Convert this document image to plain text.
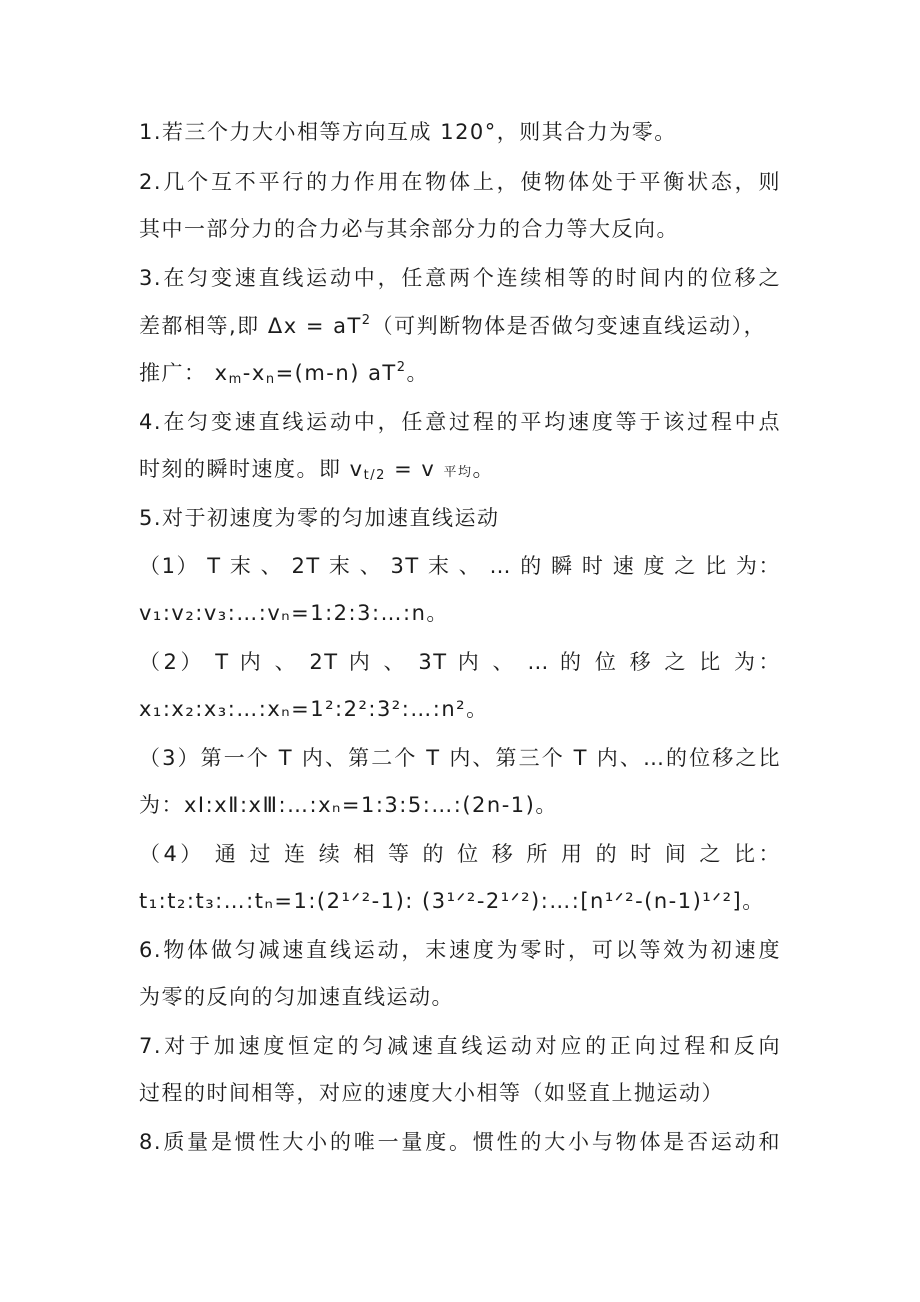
1.若三个力大小相等方向互成 120°，则其合力为零。
2.几个互不平行的力作用在物体上，使物体处于平衡状态，则
其中一部分力的合力必与其余部分力的合力等大反向。
3.在匀变速直线运动中，任意两个连续相等的时间内的位移之
差都相等,即 $\Delta x = aT^2$（可判断物体是否做匀变速直线运动），
推广： $x_m-x_n=(m-n)$ $aT^2$。
4.在匀变速直线运动中，任意过程的平均速度等于该过程中点
时刻的瞬时速度。即 $v_{t/2} = v$ 平均。
5.对于初速度为零的匀加速直线运动
（1） T 末 、 2T 末 、 3T 末 、 … 的 瞬 时 速 度 之 比 为：
v₁:v₂:v₃:…:vₙ=1:2:3:…:n。
（2） T 内 、 2T 内 、 3T 内 、 … 的 位 移 之 比 为：
x₁:x₂:x₃:…:xₙ=1²:2²:3²:…:n²。
（3）第一个 T 内、第二个 T 内、第三个 T 内、…的位移之比
为：xⅠ:xⅡ:xⅢ:…:xₙ=1:3:5:…:(2n-1)。
（4） 通 过 连 续 相 等 的 位 移 所 用 的 时 间 之 比：
t₁:t₂:t₃:…:tₙ=1:(2¹ᐟ²-1): (3¹ᐟ²-2¹ᐟ²):…:[n¹ᐟ²-(n-1)¹ᐟ²]。
6.物体做匀减速直线运动，末速度为零时，可以等效为初速度
为零的反向的匀加速直线运动。
7.对于加速度恒定的匀减速直线运动对应的正向过程和反向
过程的时间相等，对应的速度大小相等（如竖直上抛运动）
8.质量是惯性大小的唯一量度。惯性的大小与物体是否运动和
